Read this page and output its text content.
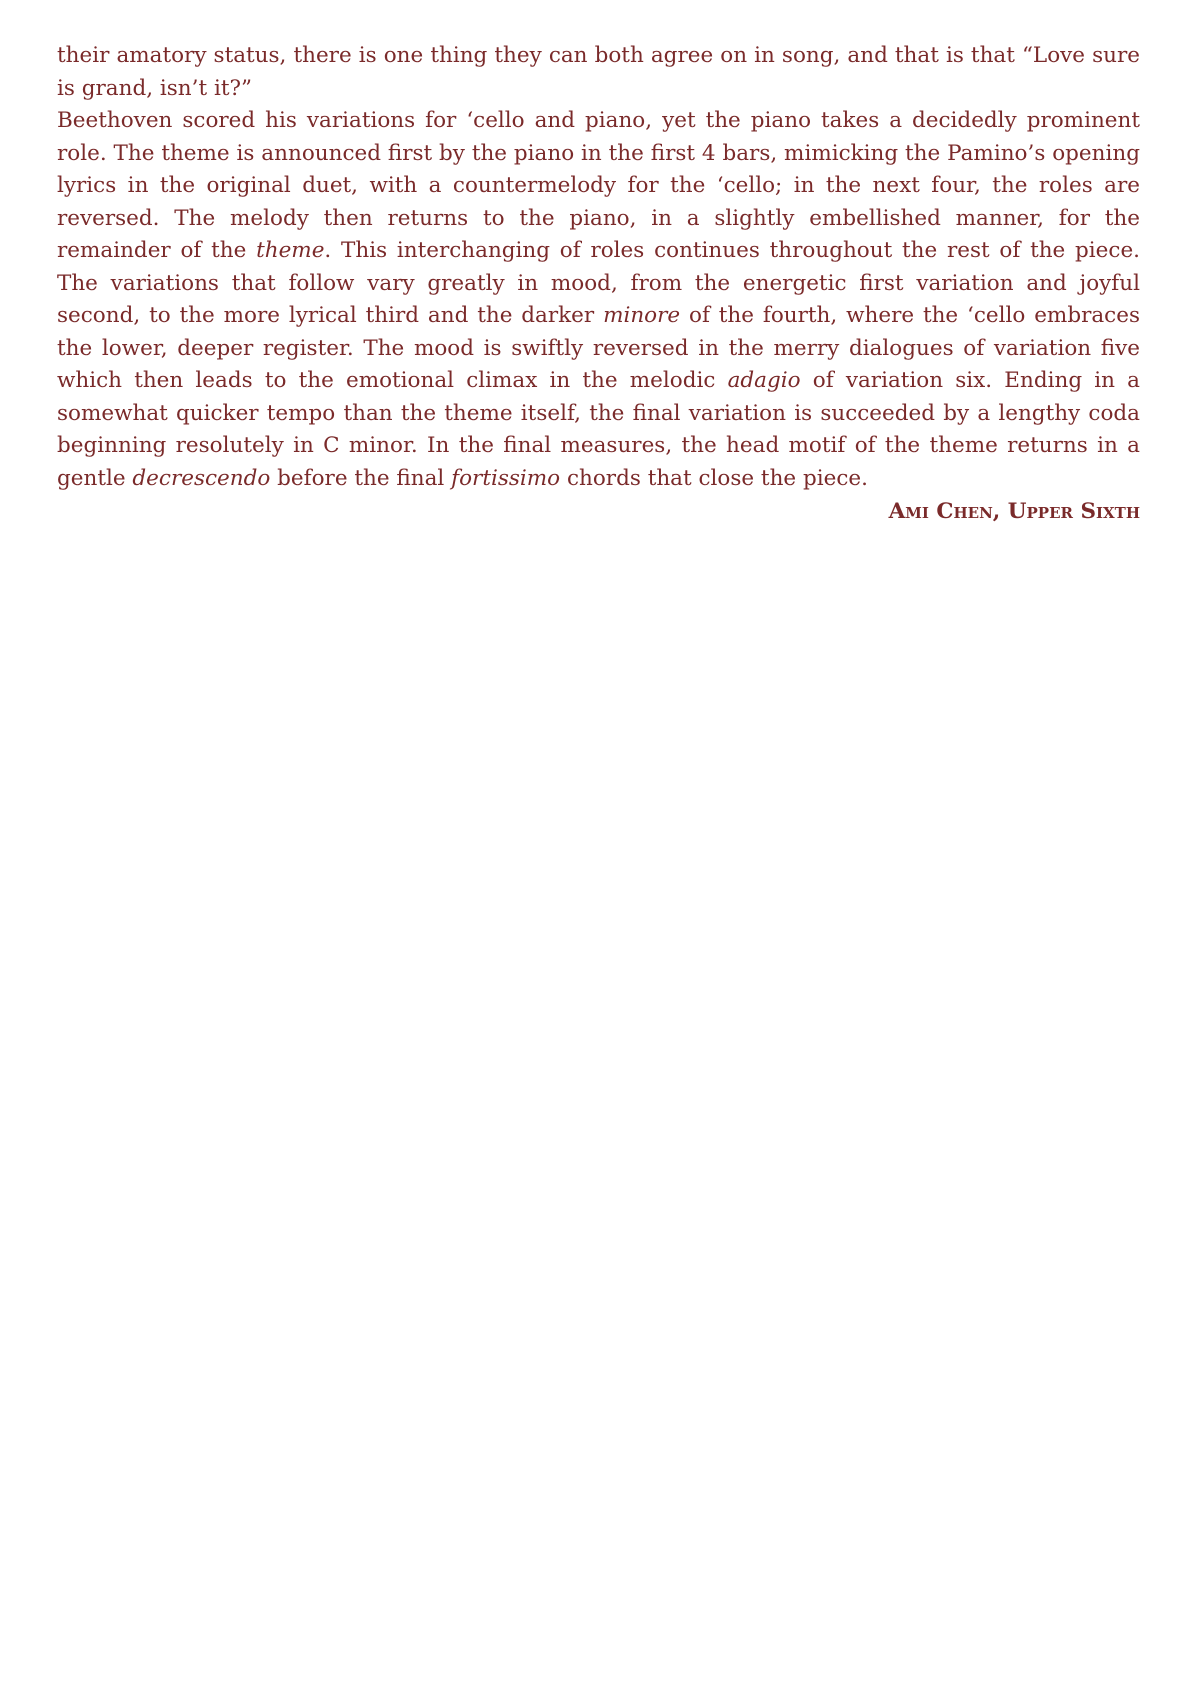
their amatory status, there is one thing they can both agree on in song, and that is that “Love sure is grand, isn’t it?”

Beethoven scored his variations for ‘cello and piano, yet the piano takes a decidedly prominent role. The theme is announced first by the piano in the first 4 bars, mimicking the Pamino’s opening lyrics in the original duet, with a countermelody for the ‘cello; in the next four, the roles are reversed. The melody then returns to the piano, in a slightly embellished manner, for the remainder of the theme. This interchanging of roles continues throughout the rest of the piece. The variations that follow vary greatly in mood, from the energetic first variation and joyful second, to the more lyrical third and the darker minore of the fourth, where the ‘cello embraces the lower, deeper register. The mood is swiftly reversed in the merry dialogues of variation five which then leads to the emotional climax in the melodic adagio of variation six. Ending in a somewhat quicker tempo than the theme itself, the final variation is succeeded by a lengthy coda beginning resolutely in C minor. In the final measures, the head motif of the theme returns in a gentle decrescendo before the final fortissimo chords that close the piece.

Ami Chen, Upper Sixth
